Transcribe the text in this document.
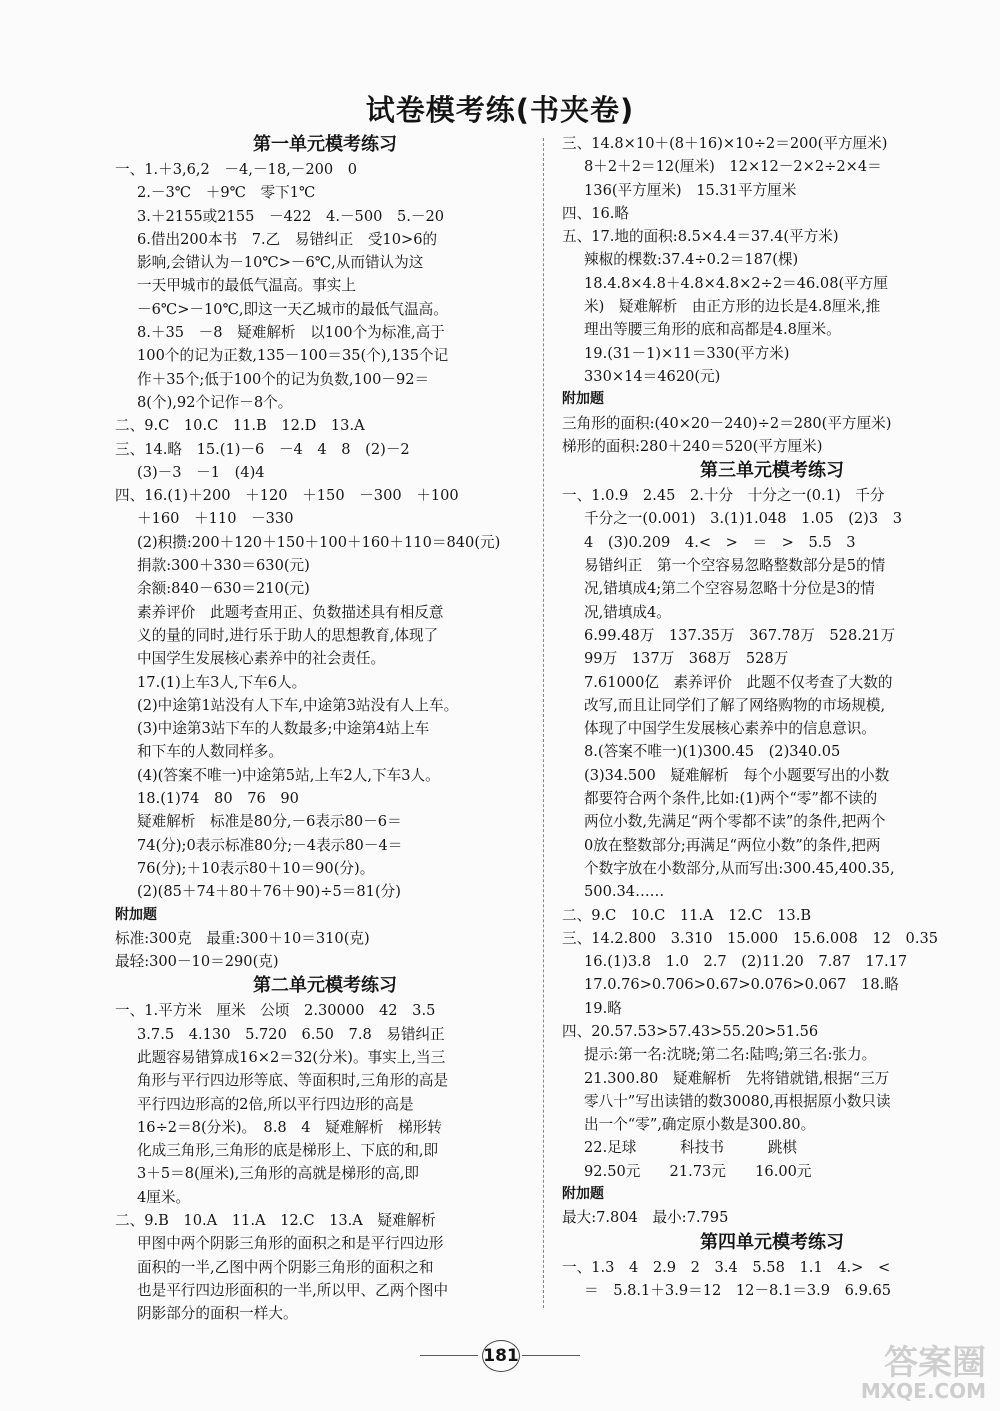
试卷模考练(书夹卷)
第一单元模考练习
一、1.＋3,6,2　－4,－18,－200　0
2.－3℃　＋9℃　零下1℃
3.＋2155或2155　－422　4.－500　5.－20
6.借出200本书　7.乙　易错纠正　受10>6的
影响,会错认为－10℃>－6℃,从而错认为这
一天甲城市的最低气温高。事实上
－6℃>－10℃,即这一天乙城市的最低气温高。
8.＋35　－8　疑难解析　以100个为标准,高于
100个的记为正数,135－100＝35(个),135个记
作＋35个;低于100个的记为负数,100－92＝
8(个),92个记作－8个。
二、9.C　10.C　11.B　12.D　13.A
三、14.略　15.(1)－6　－4　4　8　(2)－2
(3)－3　－1　(4)4
四、16.(1)＋200　＋120　＋150　－300　＋100
＋160　＋110　－330
(2)积攒:200＋120＋150＋100＋160＋110＝840(元)
捐款:300＋330＝630(元)
余额:840－630＝210(元)
素养评价　此题考查用正、负数描述具有相反意
义的量的同时,进行乐于助人的思想教育,体现了
中国学生发展核心素养中的社会责任。
17.(1)上车3人,下车6人。
(2)中途第1站没有人下车,中途第3站没有人上车。
(3)中途第3站下车的人数最多;中途第4站上车
和下车的人数同样多。
(4)(答案不唯一)中途第5站,上车2人,下车3人。
18.(1)74　80　76　90
疑难解析　标准是80分,－6表示80－6＝
74(分);0表示标准80分;－4表示80－4＝
76(分);＋10表示80＋10＝90(分)。
(2)(85＋74＋80＋76＋90)÷5＝81(分)
附加题
标准:300克　最重:300＋10＝310(克)
最轻:300－10＝290(克)
第二单元模考练习
一、1.平方米　厘米　公顷　2.30000　42　3.5
3.7.5　4.130　5.720　6.50　7.8　易错纠正
此题容易错算成16×2＝32(分米)。事实上,当三
角形与平行四边形等底、等面积时,三角形的高是
平行四边形高的2倍,所以平行四边形的高是
16÷2＝8(分米)。　8.8　4　疑难解析　梯形转
化成三角形,三角形的底是梯形上、下底的和,即
3＋5＝8(厘米),三角形的高就是梯形的高,即
4厘米。
二、9.B　10.A　11.A　12.C　13.A　疑难解析
甲图中两个阴影三角形的面积之和是平行四边形
面积的一半,乙图中两个阴影三角形的面积之和
也是平行四边形面积的一半,所以甲、乙两个图中
阴影部分的面积一样大。
三、14.8×10＋(8＋16)×10÷2＝200(平方厘米)
8＋2＋2＝12(厘米)　12×12－2×2÷2×4＝
136(平方厘米)　15.31平方厘米
四、16.略
五、17.地的面积:8.5×4.4＝37.4(平方米)
辣椒的棵数:37.4÷0.2＝187(棵)
18.4.8×4.8＋4.8×4.8×2÷2＝46.08(平方厘
米)　疑难解析　由正方形的边长是4.8厘米,推
理出等腰三角形的底和高都是4.8厘米。
19.(31－1)×11＝330(平方米)
330×14＝4620(元)
附加题
三角形的面积:(40×20－240)÷2＝280(平方厘米)
梯形的面积:280＋240＝520(平方厘米)
第三单元模考练习
一、1.0.9　2.45　2.十分　十分之一(0.1)　千分
千分之一(0.001)　3.(1)1.048　1.05　(2)3　3
4　(3)0.209　4.<　>　＝　>　5.5　3
易错纠正　第一个空容易忽略整数部分是5的情
况,错填成4;第二个空容易忽略十分位是3的情
况,错填成4。
6.99.48万　137.35万　367.78万　528.21万
99万　137万　368万　528万
7.61000亿　素养评价　此题不仅考查了大数的
改写,而且让同学们了解了网络购物的市场规模,
体现了中国学生发展核心素养中的信息意识。
8.(答案不唯一)(1)300.45　(2)340.05
(3)34.500　疑难解析　每个小题要写出的小数
都要符合两个条件,比如:(1)两个“零”都不读的
两位小数,先满足“两个零都不读”的条件,把两个
0放在整数部分;再满足“两位小数”的条件,把两
个数字放在小数部分,从而写出:300.45,400.35,
500.34……
二、9.C　10.C　11.A　12.C　13.B
三、14.2.800　3.310　15.000　15.6.008　12　0.35
16.(1)3.8　1.0　2.7　(2)11.20　7.87　17.17
17.0.76>0.706>0.67>0.076>0.067　18.略
19.略
四、20.57.53>57.43>55.20>51.56
提示:第一名:沈晓;第二名:陆鸣;第三名:张力。
21.300.80　疑难解析　先将错就错,根据“三万
零八十”写出读错的数30080,再根据原小数只读
出一个“零”,确定原小数是300.80。
22.足球　　　科技书　　　跳棋
92.50元　　21.73元　　16.00元
附加题
最大:7.804　最小:7.795
第四单元模考练习
一、1.3　4　2.9　2　3.4　5.58　1.1　4.>　<
＝　5.8.1＋3.9＝12　12－8.1＝3.9　6.9.65
181	答案圈
MXQE.COM
